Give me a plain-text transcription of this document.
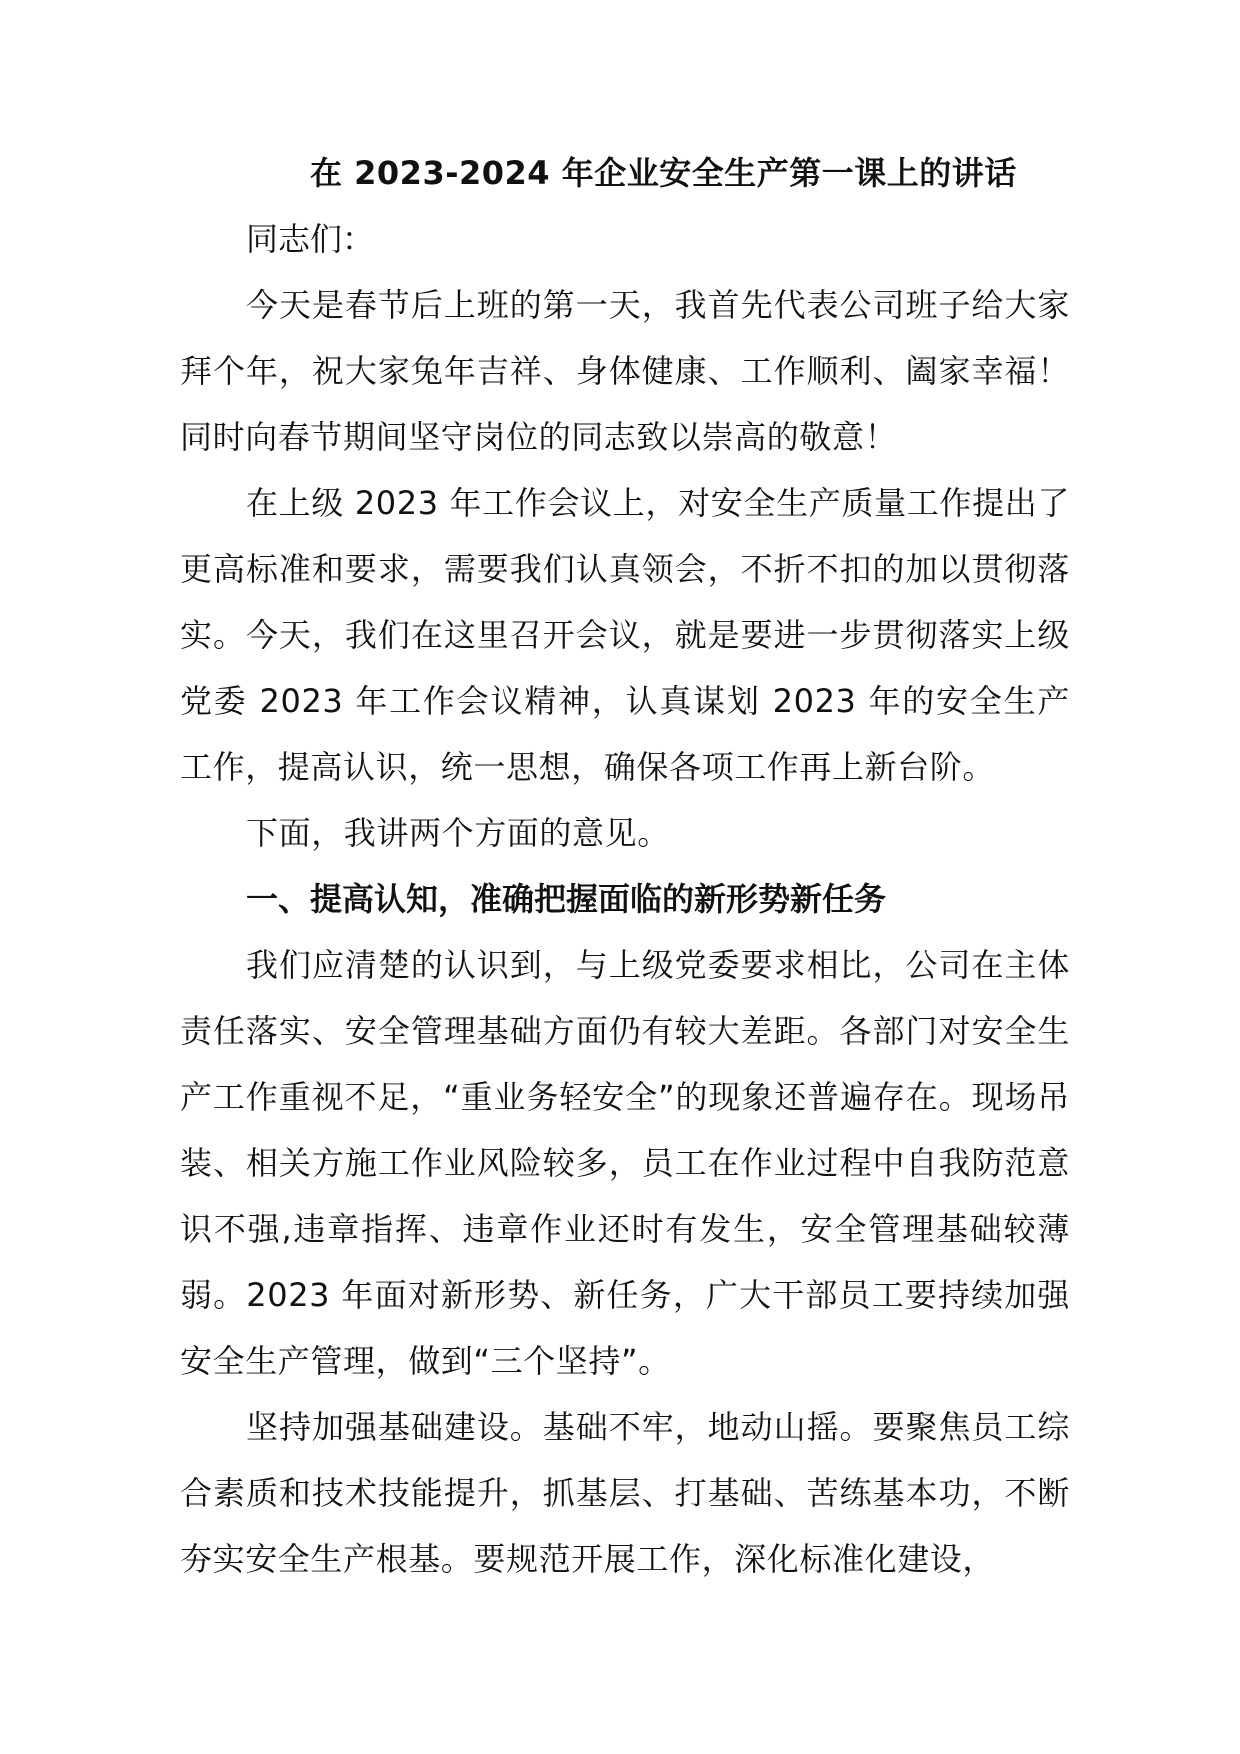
在 2023-2024 年企业安全生产第一课上的讲话

同志们：

今天是春节后上班的第一天，我首先代表公司班子给大家拜个年，祝大家兔年吉祥、身体健康、工作顺利、阖家幸福！同时向春节期间坚守岗位的同志致以崇高的敬意！

在上级 2023 年工作会议上，对安全生产质量工作提出了更高标准和要求，需要我们认真领会，不折不扣的加以贯彻落实。今天，我们在这里召开会议，就是要进一步贯彻落实上级党委 2023 年工作会议精神，认真谋划 2023 年的安全生产工作，提高认识，统一思想，确保各项工作再上新台阶。

下面，我讲两个方面的意见。

一、提高认知，准确把握面临的新形势新任务

我们应清楚的认识到，与上级党委要求相比，公司在主体责任落实、安全管理基础方面仍有较大差距。各部门对安全生产工作重视不足，“重业务轻安全”的现象还普遍存在。现场吊装、相关方施工作业风险较多，员工在作业过程中自我防范意识不强,违章指挥、违章作业还时有发生，安全管理基础较薄弱。2023 年面对新形势、新任务，广大干部员工要持续加强安全生产管理，做到“三个坚持”。

坚持加强基础建设。基础不牢，地动山摇。要聚焦员工综合素质和技术技能提升，抓基层、打基础、苦练基本功，不断夯实安全生产根基。要规范开展工作，深化标准化建设，
